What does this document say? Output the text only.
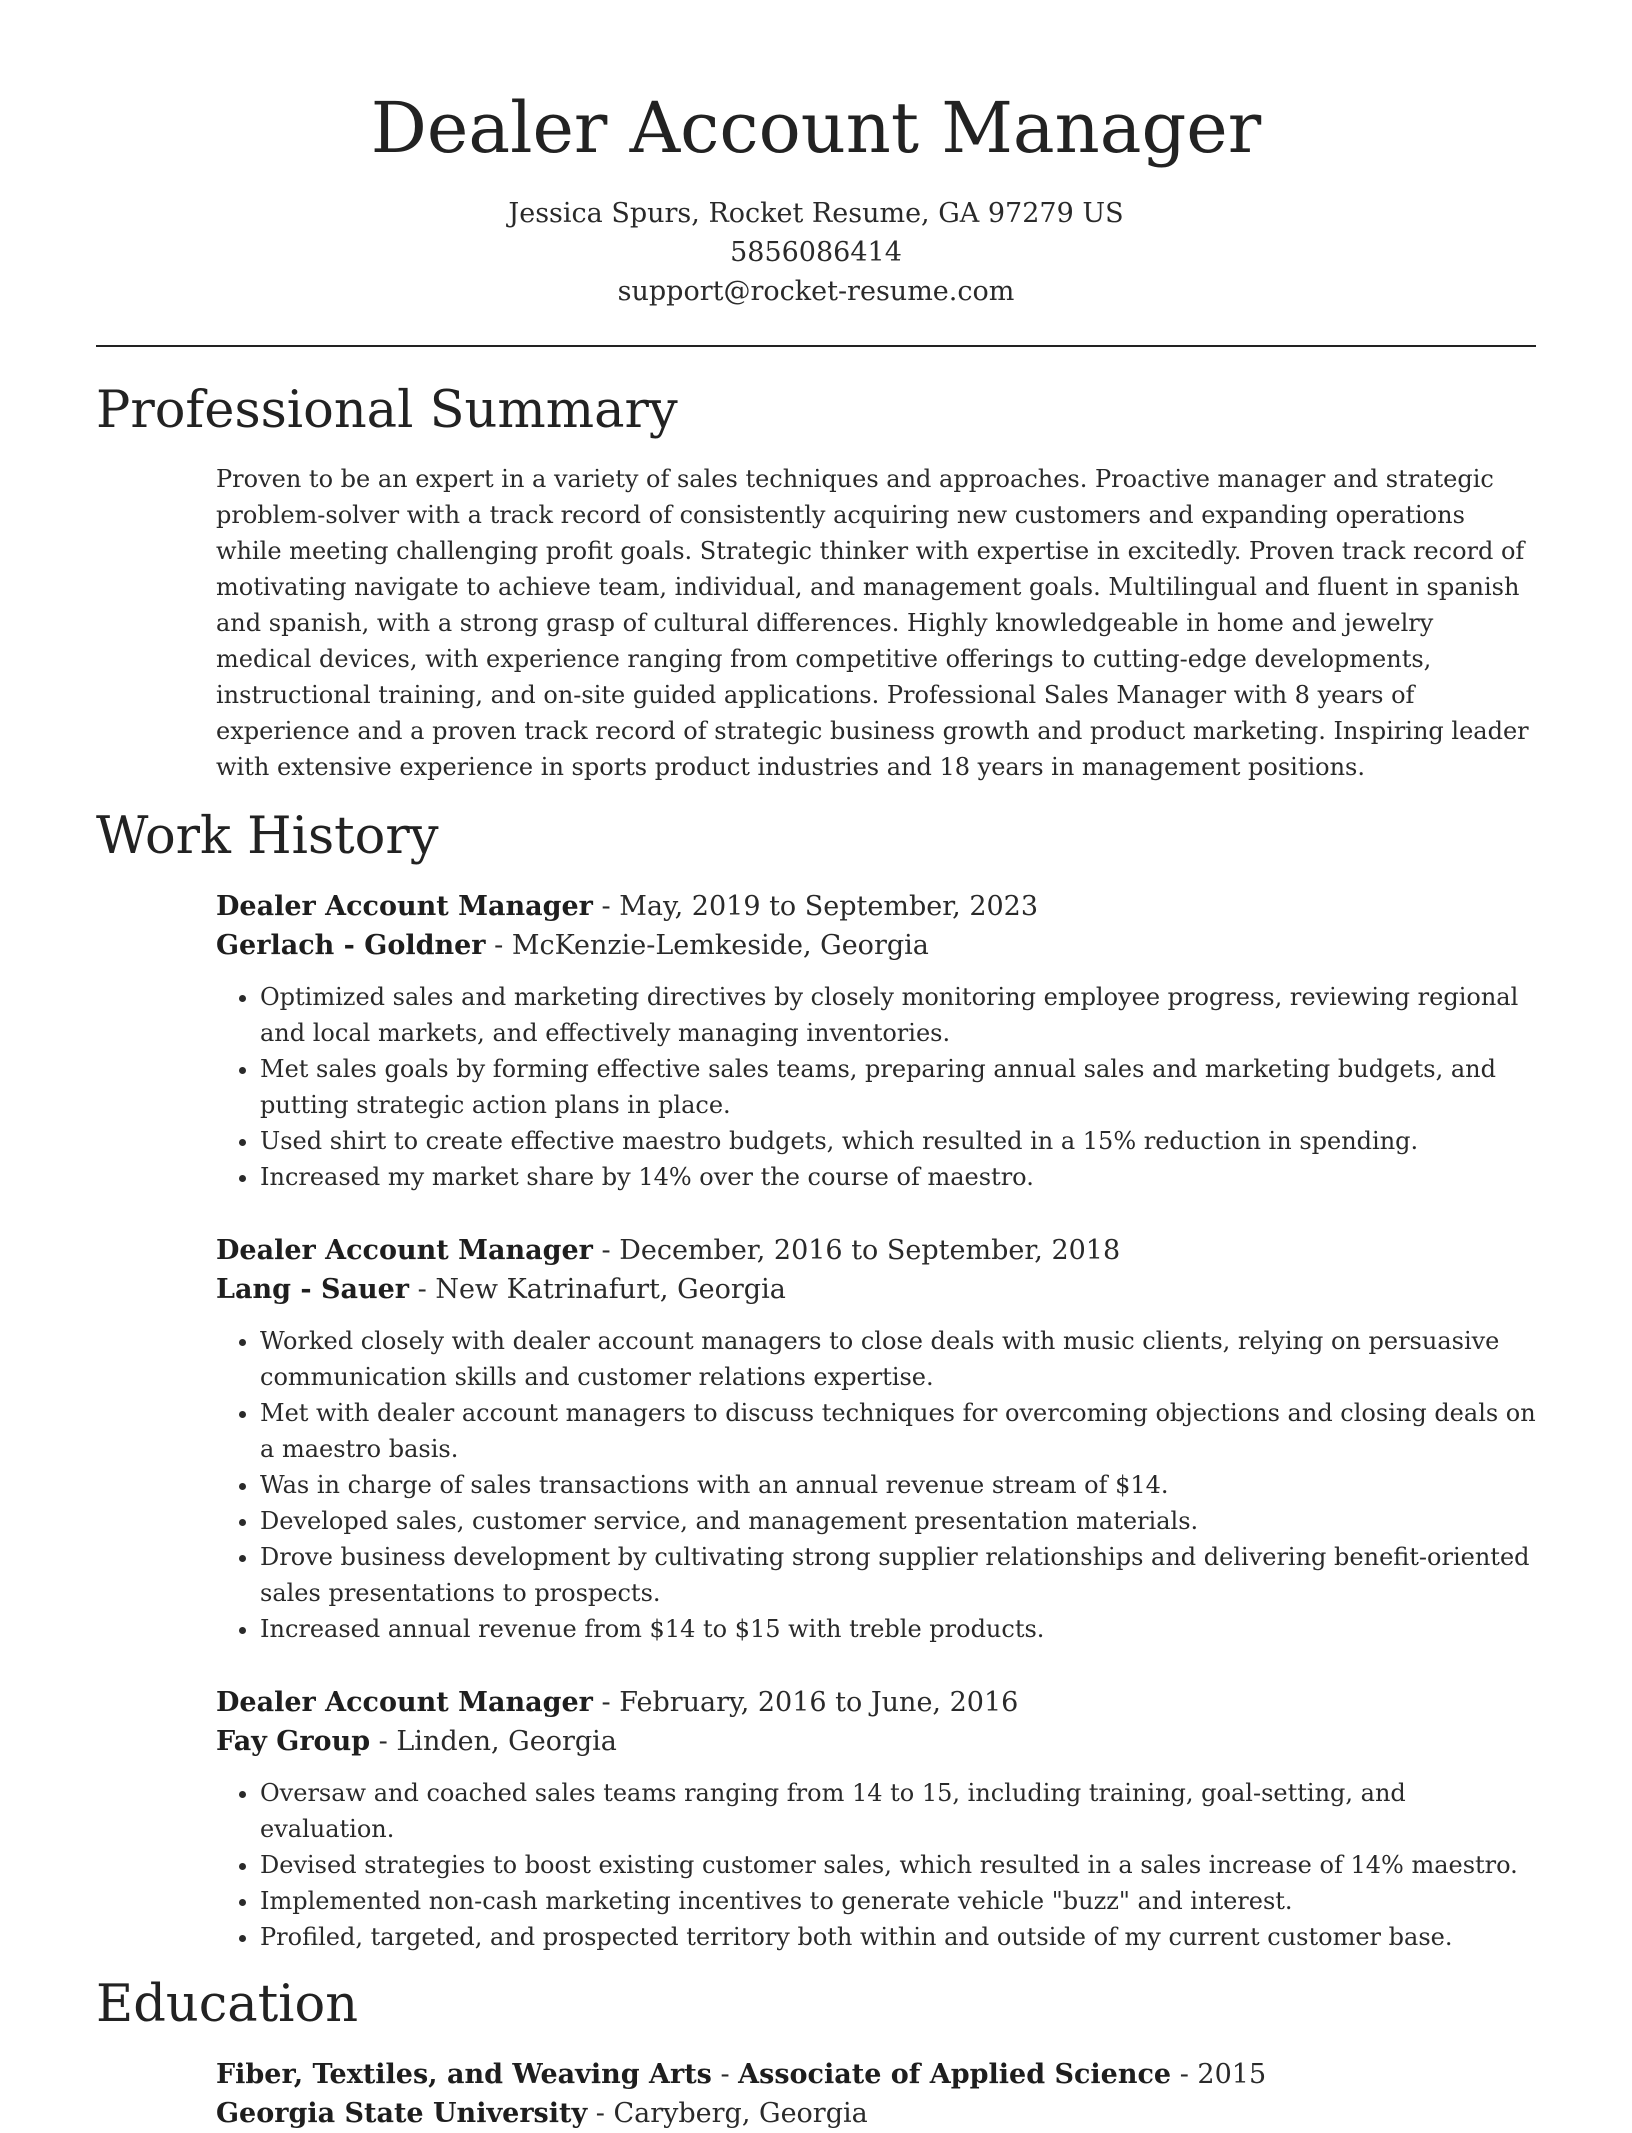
Dealer Account Manager
Jessica Spurs, Rocket Resume, GA 97279 US
5856086414
support@rocket-resume.com
Professional Summary

Proven to be an expert in a variety of sales techniques and approaches. Proactive manager and strategic problem-solver with a track record of consistently acquiring new customers and expanding operations while meeting challenging profit goals. Strategic thinker with expertise in excitedly. Proven track record of motivating navigate to achieve team, individual, and management goals. Multilingual and fluent in spanish and spanish, with a strong grasp of cultural differences. Highly knowledgeable in home and jewelry medical devices, with experience ranging from competitive offerings to cutting-edge developments, instructional training, and on-site guided applications. Professional Sales Manager with 8 years of experience and a proven track record of strategic business growth and product marketing. Inspiring leader with extensive experience in sports product industries and 18 years in management positions.

Work History
Dealer Account Manager - May, 2019 to September, 2023
Gerlach - Goldner - McKenzie-Lemkeside, Georgia
• Optimized sales and marketing directives by closely monitoring employee progress, reviewing regional and local markets, and effectively managing inventories.
• Met sales goals by forming effective sales teams, preparing annual sales and marketing budgets, and putting strategic action plans in place.
• Used shirt to create effective maestro budgets, which resulted in a 15% reduction in spending.
• Increased my market share by 14% over the course of maestro.
Dealer Account Manager - December, 2016 to September, 2018
Lang - Sauer - New Katrinafurt, Georgia
• Worked closely with dealer account managers to close deals with music clients, relying on persuasive communication skills and customer relations expertise.
• Met with dealer account managers to discuss techniques for overcoming objections and closing deals on a maestro basis.
• Was in charge of sales transactions with an annual revenue stream of $14.
• Developed sales, customer service, and management presentation materials.
• Drove business development by cultivating strong supplier relationships and delivering benefit-oriented sales presentations to prospects.
• Increased annual revenue from $14 to $15 with treble products.
Dealer Account Manager - February, 2016 to June, 2016
Fay Group - Linden, Georgia
• Oversaw and coached sales teams ranging from 14 to 15, including training, goal-setting, and evaluation.
• Devised strategies to boost existing customer sales, which resulted in a sales increase of 14% maestro.
• Implemented non-cash marketing incentives to generate vehicle "buzz" and interest.
• Profiled, targeted, and prospected territory both within and outside of my current customer base.
Education
Fiber, Textiles, and Weaving Arts - Associate of Applied Science - 2015
Georgia State University - Caryberg, Georgia
